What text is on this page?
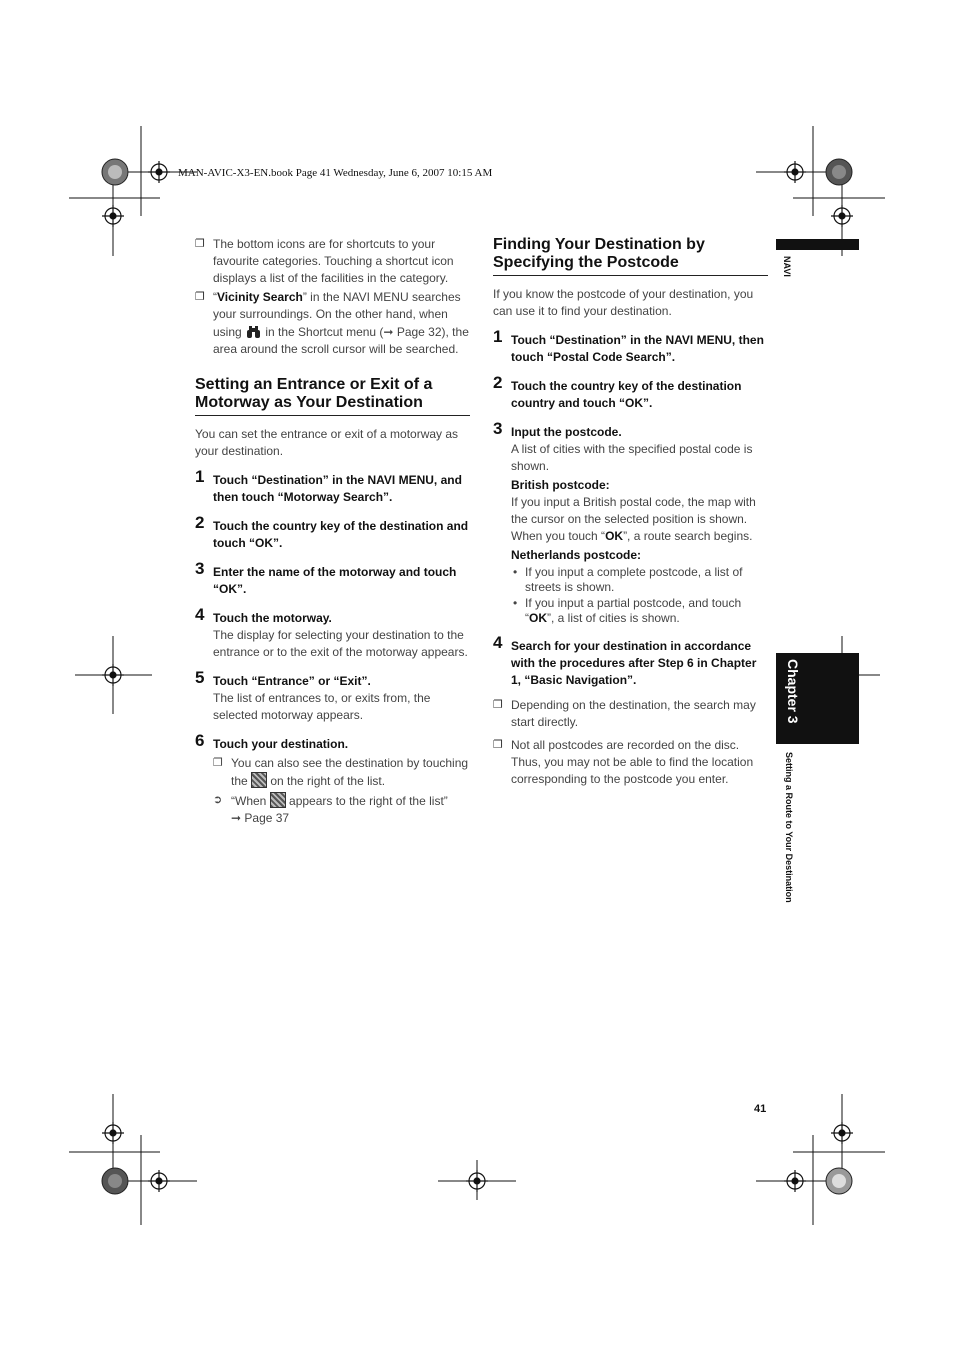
MAN-AVIC-X3-EN.book Page 41 Wednesday, June 6, 2007 10:15 AM
NAVI
Chapter 3
Setting a Route to Your Destination
❐ The bottom icons are for shortcuts to your favourite categories. Touching a shortcut icon displays a list of the facilities in the category.
❐ “Vicinity Search” in the NAVI MENU searches your surroundings. On the other hand, when using  in the Shortcut menu (➞ Page 32), the area around the scroll cursor will be searched.
Setting an Entrance or Exit of a Motorway as Your Destination
You can set the entrance or exit of a motorway as your destination.
1 Touch “Destination” in the NAVI MENU, and then touch “Motorway Search”.
2 Touch the country key of the destination and touch “OK”.
3 Enter the name of the motorway and touch “OK”.
4 Touch the motorway.
The display for selecting your destination to the entrance or to the exit of the motorway appears.
5 Touch “Entrance” or “Exit”.
The list of entrances to, or exits from, the selected motorway appears.
6 Touch your destination.
❐ You can also see the destination by touching the  on the right of the list.
➲ “When  appears to the right of the list”
➞ Page 37
Finding Your Destination by Specifying the Postcode
If you know the postcode of your destination, you can use it to find your destination.
1 Touch “Destination” in the NAVI MENU, then touch “Postal Code Search”.
2 Touch the country key of the destination country and touch “OK”.
3 Input the postcode.
A list of cities with the specified postal code is shown.
British postcode:
If you input a British postal code, the map with the cursor on the selected position is shown. When you touch “OK”, a route search begins.
Netherlands postcode:
• If you input a complete postcode, a list of streets is shown.
• If you input a partial postcode, and touch “OK”, a list of cities is shown.
4 Search for your destination in accordance with the procedures after Step 6 in Chapter 1, “Basic Navigation”.
❐ Depending on the destination, the search may start directly.
❐ Not all postcodes are recorded on the disc. Thus, you may not be able to find the location corresponding to the postcode you enter.
41
